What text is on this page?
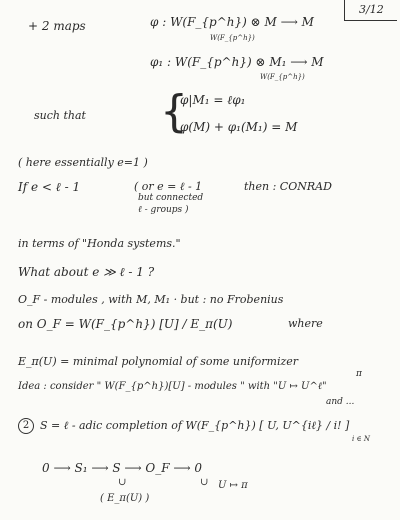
3/12
+ 2 maps	φ : W(F_{p^h}) ⊗ M ⟶ M
W(F_{p^h})
φ₁ : W(F_{p^h}) ⊗ M₁ ⟶ M
W(F_{p^h})
such that {
φ|M₁ = ℓφ₁
φ(M) + φ₁(M₁) = M
( here essentially e=1 )
If e < ℓ - 1	( or e = ℓ - 1
but connected
ℓ - groups )
then : CONRAD
in terms of "Honda systems."
What about e ≫ ℓ - 1 ?
O_F - modules , with M, M₁ · but : no Frobenius
on O_F = W(F_{p^h}) [U] / E_π(U)	where
E_π(U) = minimal polynomial of some uniformizer
π
Idea : consider " W(F_{p^h})[U] - modules " with "U ↦ U^ℓ"
and ...
2 S = ℓ - adic completion of W(F_{p^h}) [ U, U^{iℓ} / i! ]
i ∈ N
0 ⟶ S₁ ⟶ S ⟶ O_F ⟶ 0
∪	∪ U ↦ π
( E_π(U) )
